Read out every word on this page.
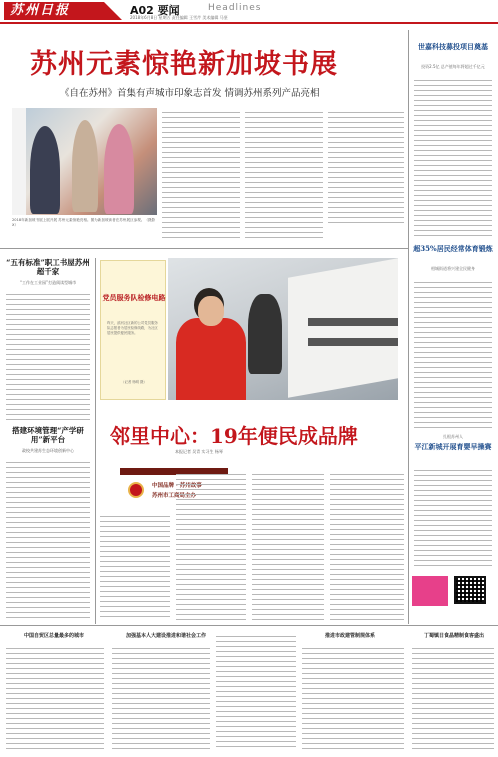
苏州日报	A02 要闻	Headlines
2018年6月8日 星期五 责任编辑 王雪芹 美术编辑 马坚
苏州元素惊艳新加坡书展
《自在苏州》首集有声城市印象志首发 情调苏州系列产品亮相
2018年新加坡书展上展开展 苏州元素惊艳亮相。图为新加坡读者在苏州展区参观。（摄影 X）
“五有标准”职工书屋苏州超千家
“工作在工业园”打造阅读型城市
搭建环境管理“产学研用”新平台
政校共建苏生态环境创新中心
党员服务队检修电路
昨天，滨河社区新的公司党员服务队志愿者为居民检修线路，为社区居民提供便民服务。
（记者 杨明 摄）
邻里中心：19年便民成品牌
本报记者 吴青 实习生 杨琴
中国品牌 · 苏州故事
苏州市工商局主办
世嘉科技募投项目奠基
投资2.5亿 总产值每年将超过千亿元
超35%居民经常体育锻炼
相城街道将兴建全民健身
扎根苏州人
平江新城开展育婴早操赛
中国自贸区总量最多的城市	加强基本人大建设推进和谐社会工作	推进市政建管制规体系	丁蜀镇日食晶精制食客盛出
